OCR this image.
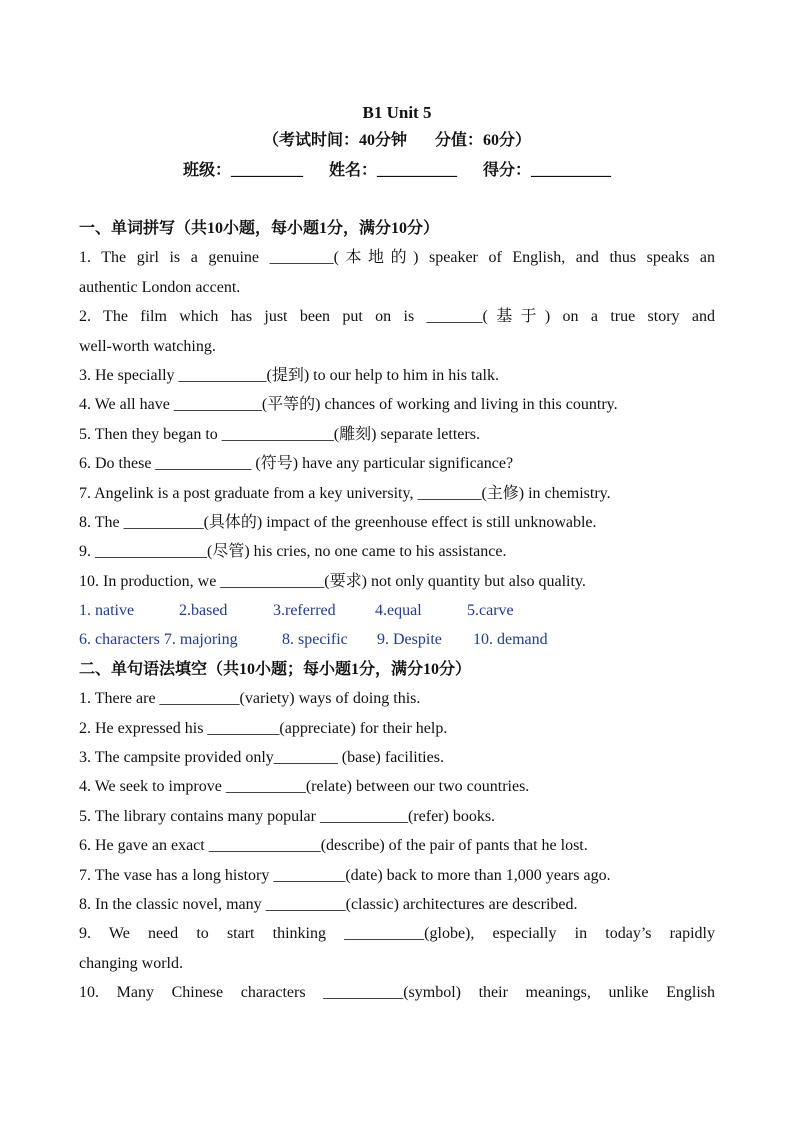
B1 Unit 5
（考试时间：40分钟 分值：60分）
班级：_________ 姓名：__________ 得分：__________
一、单词拼写（共10小题，每小题1分，满分10分）
1. The girl is a genuine ________(本地的) speaker of English, and thus speaks an
authentic London accent.
2. The film which has just been put on is _______(基于) on a true story and
well-worth watching.
3. He specially ___________(提到) to our help to him in his talk.
4. We all have ___________(平等的) chances of working and living in this country.
5. Then they began to ______________(雕刻) separate letters.
6. Do these ____________ (符号) have any particular significance?
7. Angelink is a post graduate from a key university, ________(主修) in chemistry.
8. The __________(具体的) impact of the greenhouse effect is still unknowable.
9. ______________(尽管) his cries, no one came to his assistance.
10. In production, we _____________(要求) not only quantity but also quality.
1. native	2.based	3.referred 4.equal	5.carve
6. characters 7. majoring	8. specific 9. Despite 10. demand
二、单句语法填空（共10小题；每小题1分，满分10分）
1. There are __________(variety) ways of doing this.
2. He expressed his _________(appreciate) for their help.
3. The campsite provided only________ (base) facilities.
4. We seek to improve __________(relate) between our two countries.
5. The library contains many popular ___________(refer) books.
6. He gave an exact ______________(describe) of the pair of pants that he lost.
7. The vase has a long history _________(date) back to more than 1,000 years ago.
8. In the classic novel, many __________(classic) architectures are described.
9. We need to start thinking __________(globe), especially in today’s rapidly
changing world.
10. Many Chinese characters __________(symbol) their meanings, unlike English
